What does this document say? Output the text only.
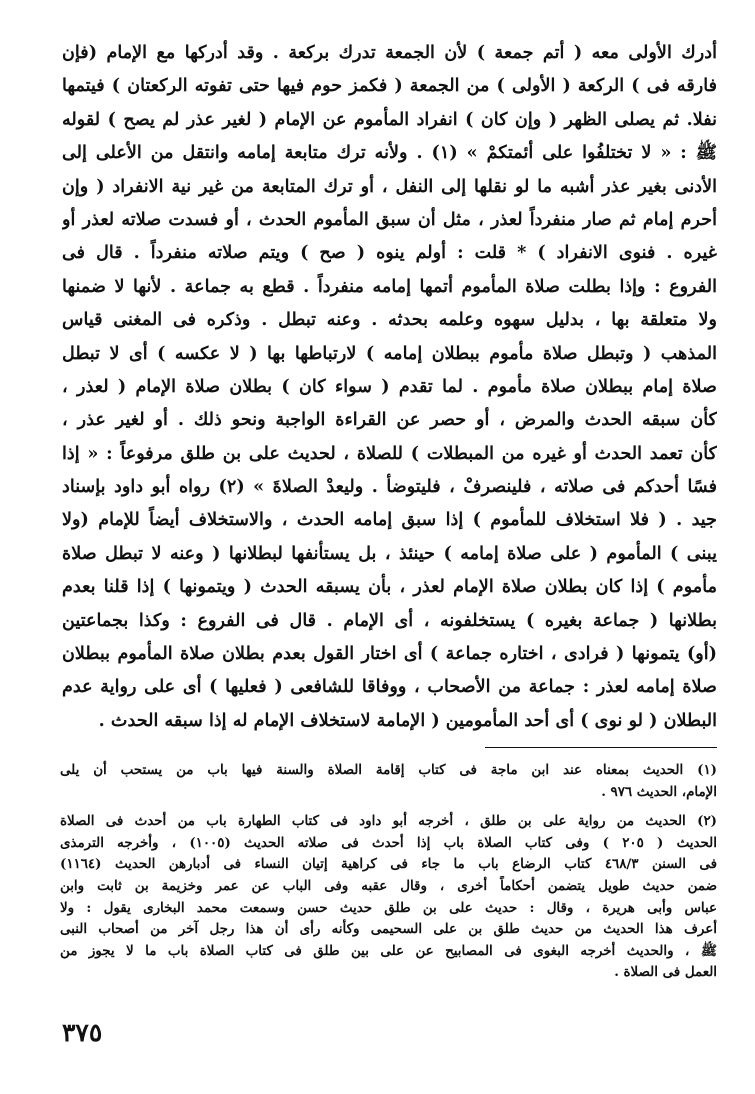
أدرك الأولى معه ( أتم جمعة ) لأن الجمعة تدرك بركعة . وقد أدركها مع الإمام (فإن
فارقه فى ) الركعة ( الأولى ) من الجمعة ( فكمز حوم فيها حتى تفوته الركعتان ) فيتمها
نفلا. ثم يصلى الظهر ( وإن كان ) انفراد المأموم عن الإمام ( لغير عذر لم يصح ) لقوله
ﷺ : « لا تختلفُوا على أئمتكمْ » (١) . ولأنه ترك متابعة إمامه وانتقل من الأعلى إلى
الأدنى بغير عذر أشبه ما لو نقلها إلى النفل ، أو ترك المتابعة من غير نية الانفراد ( وإن
أحرم إمام ثم صار منفرداً لعذر ، مثل أن سبق المأموم الحدث ، أو فسدت صلاته لعذر أو
غيره . فنوى الانفراد ) * قلت : أولم ينوه ( صح ) ويتم صلاته منفرداً . قال فى
الفروع : وإذا بطلت صلاة المأموم أتمها إمامه منفرداً . قطع به جماعة . لأنها لا ضمنها
ولا متعلقة بها ، بدليل سهوه وعلمه بحدثه . وعنه تبطل . وذكره فى المغنى قياس
المذهب ( وتبطل صلاة مأموم ببطلان إمامه ) لارتباطها بها ( لا عكسه ) أى لا تبطل
صلاة إمام ببطلان صلاة مأموم . لما تقدم ( سواء كان ) بطلان صلاة الإمام ( لعذر ،
كأن سبقه الحدث والمرض ، أو حصر عن القراءة الواجبة ونحو ذلك . أو لغير عذر ،
كأن تعمد الحدث أو غيره من المبطلات ) للصلاة ، لحديث على بن طلق مرفوعاً : « إذا
فسًا أحدكم فى صلاته ، فلينصرفْ ، فليتوضأ . وليعدْ الصلاةَ » (٢) رواه أبو داود بإسناد
جيد . ( فلا استخلاف للمأموم ) إذا سبق إمامه الحدث ، والاستخلاف أيضاً للإمام (ولا
يبنى ) المأموم ( على صلاة إمامه ) حينئذ ، بل يستأنفها لبطلانها ( وعنه لا تبطل صلاة
مأموم ) إذا كان بطلان صلاة الإمام لعذر ، بأن يسبقه الحدث ( ويتمونها ) إذا قلنا بعدم
بطلانها ( جماعة بغيره ) يستخلفونه ، أى الإمام . قال فى الفروع : وكذا بجماعتين
(أو) يتمونها ( فرادى ، اختاره جماعة ) أى اختار القول بعدم بطلان صلاة المأموم ببطلان
صلاة إمامه لعذر : جماعة من الأصحاب ، ووفاقا للشافعى ( فعليها ) أى على رواية عدم
البطلان ( لو نوى ) أى أحد المأمومين ( الإمامة لاستخلاف الإمام له إذا سبقه الحدث .
(١) الحديث بمعناه عند ابن ماجة فى كتاب إقامة الصلاة والسنة فيها باب من يستحب أن يلى
الإمام، الحديث ٩٧٦ .
(٢) الحديث من رواية على بن طلق ، أخرجه أبو داود فى كتاب الطهارة باب من أحدث فى الصلاة
الحديث ( ٢٠٥ ) وفى كتاب الصلاة باب إذا أحدث فى صلاته الحديث (١٠٠٥) ، وأخرجه الترمذى
فى السنن ٤٦٨/٣ كتاب الرضاع باب ما جاء فى كراهية إتيان النساء فى أدبارهن الحديث (١١٦٤)
ضمن حديث طويل يتضمن أحكاماً أخرى ، وقال عقبه وفى الباب عن عمر وخزيمة بن ثابت وابن
عباس وأبى هريرة ، وقال : حديث على بن طلق حديث حسن وسمعت محمد البخارى يقول : ولا
أعرف هذا الحديث من حديث طلق بن على السحيمى وكأنه رأى أن هذا رجل آخر من أصحاب النبى
ﷺ ، والحديث أخرجه البغوى فى المصابيح عن على بين طلق فى كتاب الصلاة باب ما لا يجوز من
العمل فى الصلاة .
٣٧٥
